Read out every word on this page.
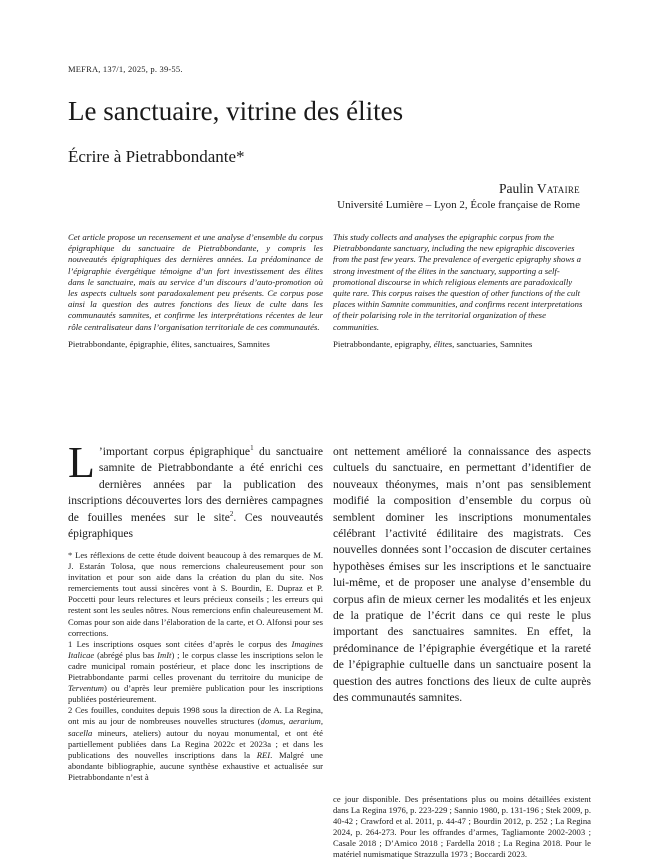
MEFRA, 137/1, 2025, p. 39-55.
Le sanctuaire, vitrine des élites
Écrire à Pietrabbondante*
Paulin Vataire
Université Lumière – Lyon 2, École française de Rome
Cet article propose un recensement et une analyse d’ensemble du corpus épigraphique du sanctuaire de Pietrabbondante, y compris les nouveautés épigraphiques des dernières années. La prédominance de l’épigraphie évergétique témoigne d’un fort investissement des élites dans le sanctuaire, mais au service d’un discours d’auto-promotion où les aspects cultuels sont paradoxalement peu présents. Ce corpus pose ainsi la question des autres fonctions des lieux de culte dans les communautés samnites, et confirme les interprétations récentes de leur rôle centralisateur dans l’organisation territoriale de ces communautés.
Pietrabbondante, épigraphie, élites, sanctuaires, Samnites
This study collects and analyses the epigraphic corpus from the Pietrabbondante sanctuary, including the new epigraphic discoveries from the past few years. The prevalence of evergetic epigraphy shows a strong investment of the élites in the sanctuary, supporting a self-promotional discourse in which religious elements are paradoxically quite rare. This corpus raises the question of other functions of the cult places within Samnite communities, and confirms recent interpretations of their polarising role in the territorial organization of these communities.
Pietrabbondante, epigraphy, élites, sanctuaries, Samnites
L ’important corpus épigraphique$^1$ du sanctuaire samnite de Pietrabbondante a été enrichi ces dernières années par la publication des inscriptions découvertes lors des dernières campagnes de fouilles menées sur le site$^2$. Ces nouveautés épigraphiques
ont nettement amélioré la connaissance des aspects cultuels du sanctuaire, en permettant d’identifier de nouveaux théonymes, mais n’ont pas sensiblement modifié la composition d’ensemble du corpus où semblent dominer les inscriptions monumentales célébrant l’activité édilitaire des magistrats. Ces nouvelles données sont l’occasion de discuter certaines hypothèses émises sur les inscriptions et le sanctuaire lui-même, et de proposer une analyse d’ensemble du corpus afin de mieux cerner les modalités et les enjeux de la pratique de l’écrit dans ce qui reste le plus important des sanctuaires samnites. En effet, la prédominance de l’épigraphie évergétique et la rareté de l’épigraphie cultuelle dans un sanctuaire posent la question des autres fonctions des lieux de culte auprès des communautés samnites.

* Les réflexions de cette étude doivent beaucoup à des remarques de M. J. Estarán Tolosa, que nous remercions chaleureusement pour son invitation et pour son aide dans la création du plan du site. Nos remerciements tout aussi sincères vont à S. Bourdin, E. Dupraz et P. Poccetti pour leurs relectures et leurs précieux conseils ; les erreurs qui restent sont les seules nôtres. Nous remercions enfin chaleureusement M. Comas pour son aide dans l’élaboration de la carte, et O. Alfonsi pour ses corrections.

1 Les inscriptions osques sont citées d’après le corpus des Imagines Italicae (abrégé plus bas ImIt) ; le corpus classe les inscriptions selon le cadre municipal romain postérieur, et place donc les inscriptions de Pietrabbondante parmi celles provenant du territoire du municipe de Terventum) ou d’après leur première publication pour les inscriptions publiées postérieurement.

2 Ces fouilles, conduites depuis 1998 sous la direction de A. La Regina, ont mis au jour de nombreuses nouvelles structures (domus, aerarium, sacella mineurs, ateliers) autour du noyau monumental, et ont été partiellement publiées dans La Regina 2022c et 2023a ; et dans les publications des nouvelles inscriptions dans la REI. Malgré une abondante bibliographie, aucune synthèse exhaustive et actualisée sur Pietrabbondante n’est à

ce jour disponible. Des présentations plus ou moins détaillées existent dans La Regina 1976, p. 223-229 ; Sannio 1980, p. 131-196 ; Stek 2009, p. 40-42 ; Crawford et al. 2011, p. 44-47 ; Bourdin 2012, p. 252 ; La Regina 2024, p. 264-273. Pour les offrandes d’armes, Tagliamonte 2002-2003 ; Casale 2018 ; D’Amico 2018 ; Fardella 2018 ; La Regina 2018. Pour le matériel numismatique Strazzulla 1973 ; Boccardi 2023.
